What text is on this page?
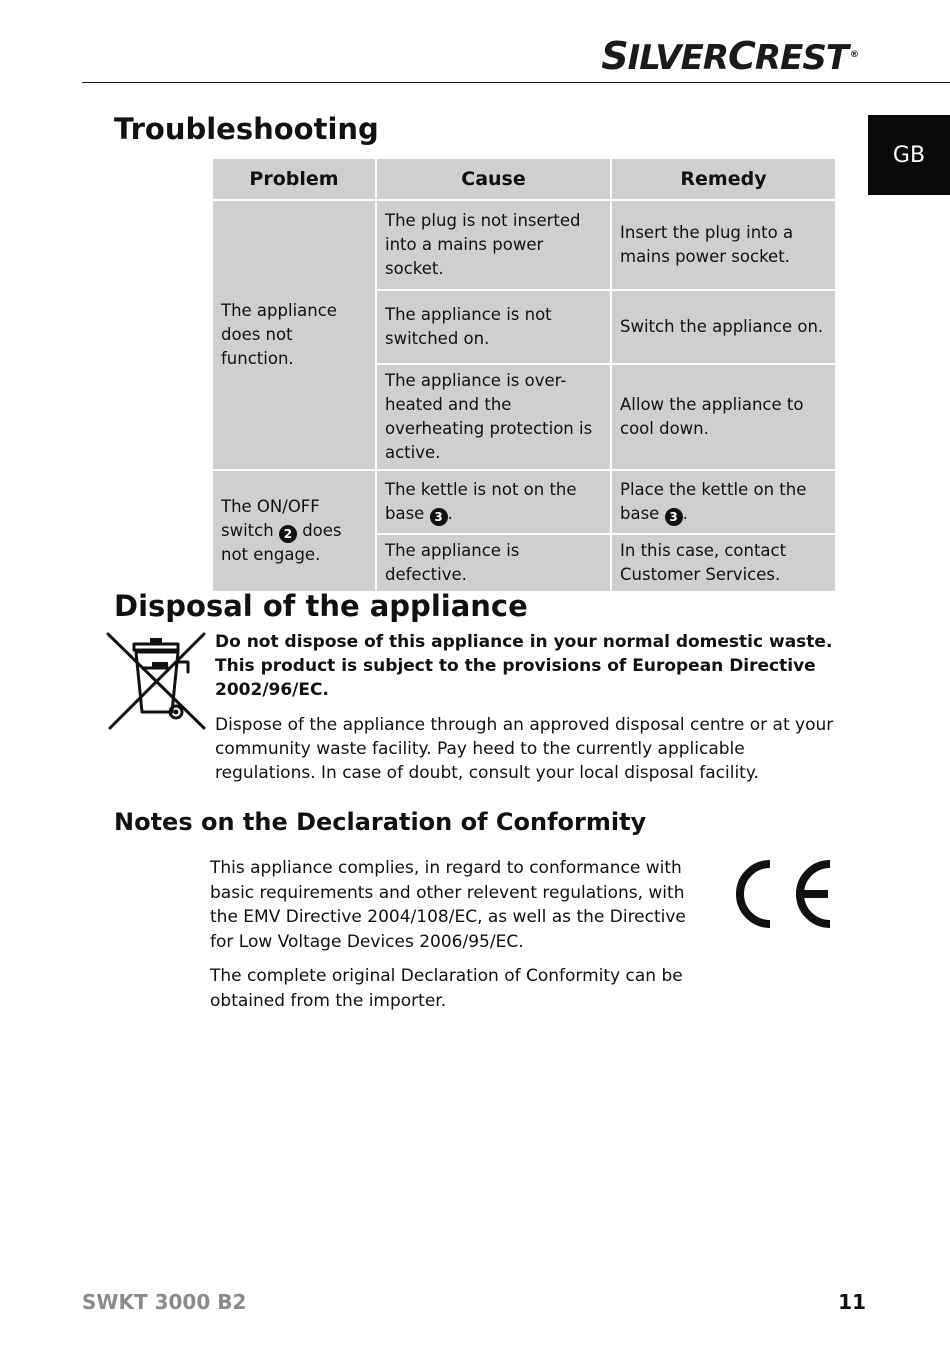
SILVERCREST ®
GB
Troubleshooting
Problem	Cause	Remedy
The appliance does not function.	The plug is not inserted into a mains power socket.	Insert the plug into a mains power socket.
	The appliance is not switched on.	Switch the appliance on.
	The appliance is over-heated and the overheating protection is active.	Allow the appliance to cool down.
The ON/OFF switch 2 does not engage.	The kettle is not on the base 3 .	Place the kettle on the base 3 .
	The appliance is defective.	In this case, contact Customer Services.
Disposal of the appliance

Do not dispose of this appliance in your normal domestic waste. This product is subject to the provisions of European Directive 2002/96/EC.

Dispose of the appliance through an approved disposal centre or at your community waste facility. Pay heed to the currently applicable regulations. In case of doubt, consult your local disposal facility.

Notes on the Declaration of Conformity

This appliance complies, in regard to conformance with basic requirements and other relevent regulations, with the EMV Directive 2004/108/EC, as well as the Directive for Low Voltage Devices 2006/95/EC.

The complete original Declaration of Conformity can be obtained from the importer.

SWKT 3000 B2	11
